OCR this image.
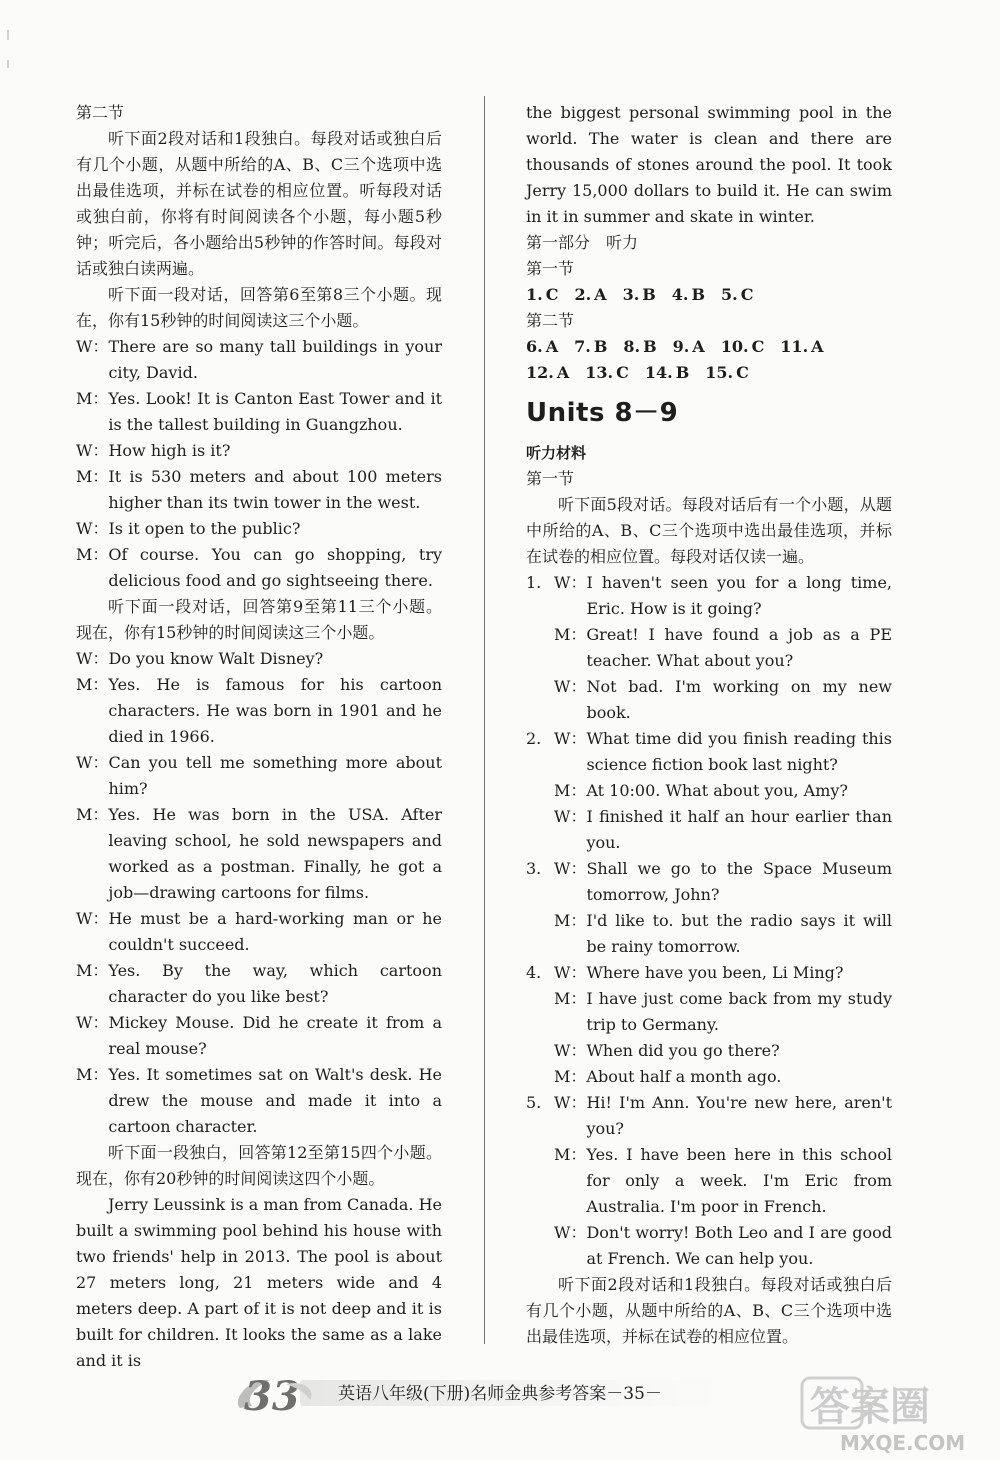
第二节
听下面2段对话和1段独白。每段对话或独白后有几个小题，从题中所给的A、B、C三个选项中选出最佳选项，并标在试卷的相应位置。听每段对话或独白前，你将有时间阅读各个小题，每小题5秒钟；听完后，各小题给出5秒钟的作答时间。每段对话或独白读两遍。
听下面一段对话，回答第6至第8三个小题。现在，你有15秒钟的时间阅读这三个小题。
W： There are so many tall buildings in your city, David.
M： Yes. Look! It is Canton East Tower and it is the tallest building in Guangzhou.
W： How high is it?
M： It is 530 meters and about 100 meters higher than its twin tower in the west.
W： Is it open to the public?
M： Of course. You can go shopping, try delicious food and go sightseeing there.
听下面一段对话，回答第9至第11三个小题。现在，你有15秒钟的时间阅读这三个小题。
W： Do you know Walt Disney?
M： Yes. He is famous for his cartoon characters. He was born in 1901 and he died in 1966.
W： Can you tell me something more about him?
M： Yes. He was born in the USA. After leaving school, he sold newspapers and worked as a postman. Finally, he got a job—drawing cartoons for films.
W： He must be a hard-working man or he couldn't succeed.
M： Yes. By the way, which cartoon character do you like best?
W： Mickey Mouse. Did he create it from a real mouse?
M： Yes. It sometimes sat on Walt's desk. He drew the mouse and made it into a cartoon character.
听下面一段独白，回答第12至第15四个小题。现在，你有20秒钟的时间阅读这四个小题。
Jerry Leussink is a man from Canada. He built a swimming pool behind his house with two friends' help in 2013. The pool is about 27 meters long, 21 meters wide and 4 meters deep. A part of it is not deep and it is built for children. It looks the same as a lake and it is
the biggest personal swimming pool in the world. The water is clean and there are thousands of stones around the pool. It took Jerry 15,000 dollars to build it. He can swim in it in summer and skate in winter.
第一部分　听力
第一节
1. C 2. A 3. B 4. B 5. C
第二节
6. A 7. B 8. B 9. A 10. C 11. A
12. A 13. C 14. B 15. C
Units 8－9
听力材料
第一节
听下面5段对话。每段对话后有一个小题，从题中所给的A、B、C三个选项中选出最佳选项，并标在试卷的相应位置。每段对话仅读一遍。
1. W： I haven't seen you for a long time, Eric. How is it going?
M： Great! I have found a job as a PE teacher. What about you?
W： Not bad. I'm working on my new book.
2. W： What time did you finish reading this science fiction book last night?
M： At 10:00. What about you, Amy?
W： I finished it half an hour earlier than you.
3. W： Shall we go to the Space Museum tomorrow, John?
M： I'd like to. but the radio says it will be rainy tomorrow.
4. W： Where have you been, Li Ming?
M： I have just come back from my study trip to Germany.
W： When did you go there?
M： About half a month ago.
5. W： Hi! I'm Ann. You're new here, aren't you?
M： Yes. I have been here in this school for only a week. I'm Eric from Australia. I'm poor in French.
W： Don't worry! Both Leo and I are good at French. We can help you.
听下面2段对话和1段独白。每段对话或独白后有几个小题，从题中所给的A、B、C三个选项中选出最佳选项，并标在试卷的相应位置。
33 英语八年级(下册)名师金典参考答案－35－	答案圈
MXQE.COM
